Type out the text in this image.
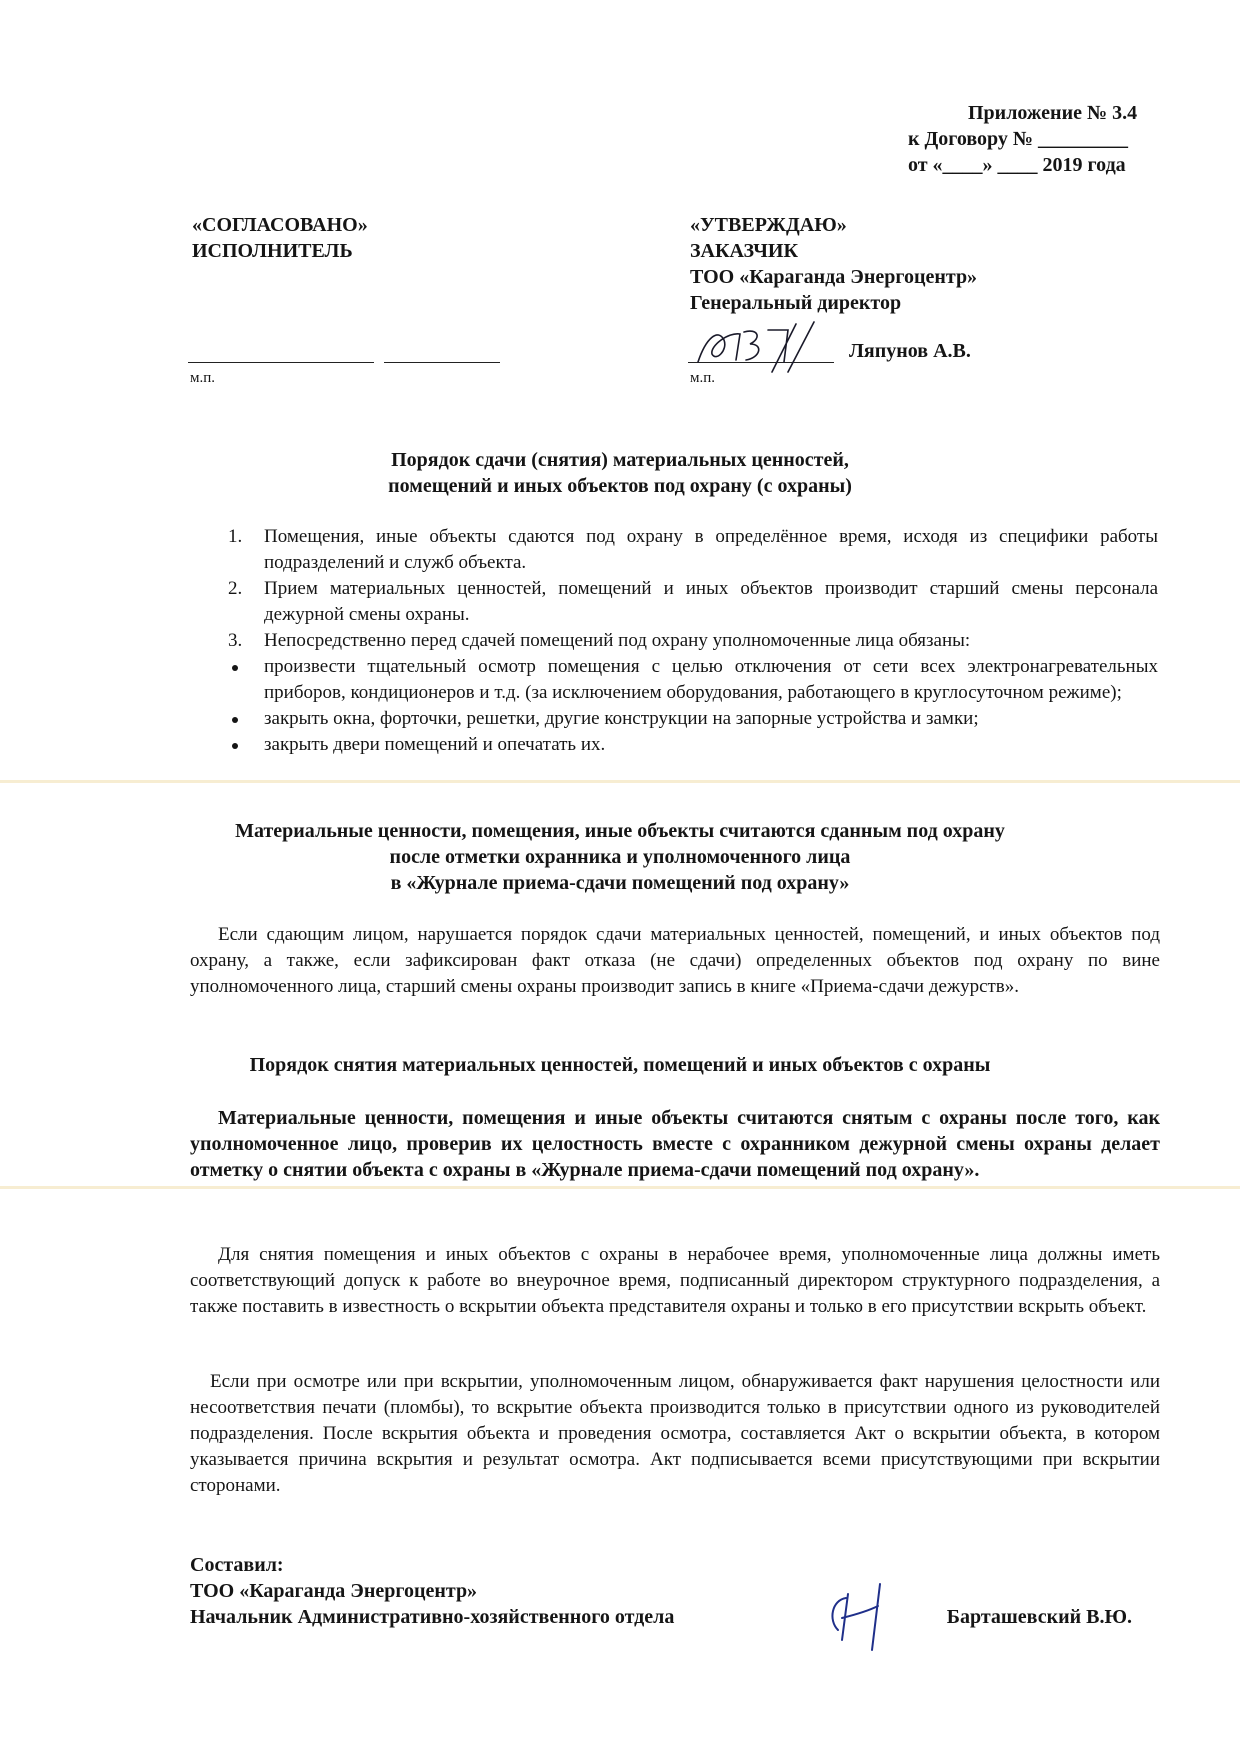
Приложение № 3.4
к Договору № _________
от «____» ____ 2019 года
«СОГЛАСОВАНО»
ИСПОЛНИТЕЛЬ

м.п.
«УТВЕРЖДАЮ»
ЗАКАЗЧИК
ТОО «Караганда Энергоцентр»
Генеральный директор
Ляпунов А.В.
м.п.
Порядок сдачи (снятия) материальных ценностей,
помещений и иных объектов под охрану (с охраны)
1. Помещения, иные объекты сдаются под охрану в определённое время, исходя из специфики работы подразделений и служб объекта.
2. Прием материальных ценностей, помещений и иных объектов производит старший смены персонала дежурной смены охраны.
3. Непосредственно перед сдачей помещений под охрану уполномоченные лица обязаны:
произвести тщательный осмотр помещения с целью отключения от сети всех электронагревательных приборов, кондиционеров и т.д. (за исключением оборудования, работающего в круглосуточном режиме);
закрыть окна, форточки, решетки, другие конструкции на запорные устройства и замки;
закрыть двери помещений и опечатать их.
Материальные ценности, помещения, иные объекты считаются сданным под охрану
после отметки охранника и уполномоченного лица
в «Журнале приема-сдачи помещений под охрану»
Если сдающим лицом, нарушается порядок сдачи материальных ценностей, помещений, и иных объектов под охрану, а также, если зафиксирован факт отказа (не сдачи) определенных объектов под охрану по вине уполномоченного лица, старший смены охраны производит запись в книге «Приема-сдачи дежурств».
Порядок снятия материальных ценностей, помещений и иных объектов с охраны
Материальные ценности, помещения и иные объекты считаются снятым с охраны после того, как уполномоченное лицо, проверив их целостность вместе с охранником дежурной смены охраны делает отметку о снятии объекта с охраны в «Журнале приема-сдачи помещений под охрану».
Для снятия помещения и иных объектов с охраны в нерабочее время, уполномоченные лица должны иметь соответствующий допуск к работе во внеурочное время, подписанный директором структурного подразделения, а также поставить в известность о вскрытии объекта представителя охраны и только в его присутствии вскрыть объект.
Если при осмотре или при вскрытии, уполномоченным лицом, обнаруживается факт нарушения целостности или несоответствия печати (пломбы), то вскрытие объекта производится только в присутствии одного из руководителей подразделения. После вскрытия объекта и проведения осмотра, составляется Акт о вскрытии объекта, в котором указывается причина вскрытия и результат осмотра. Акт подписывается всеми присутствующими при вскрытии сторонами.
Составил:
ТОО «Караганда Энергоцентр»
Начальник Административно-хозяйственного отдела	Барташевский В.Ю.
